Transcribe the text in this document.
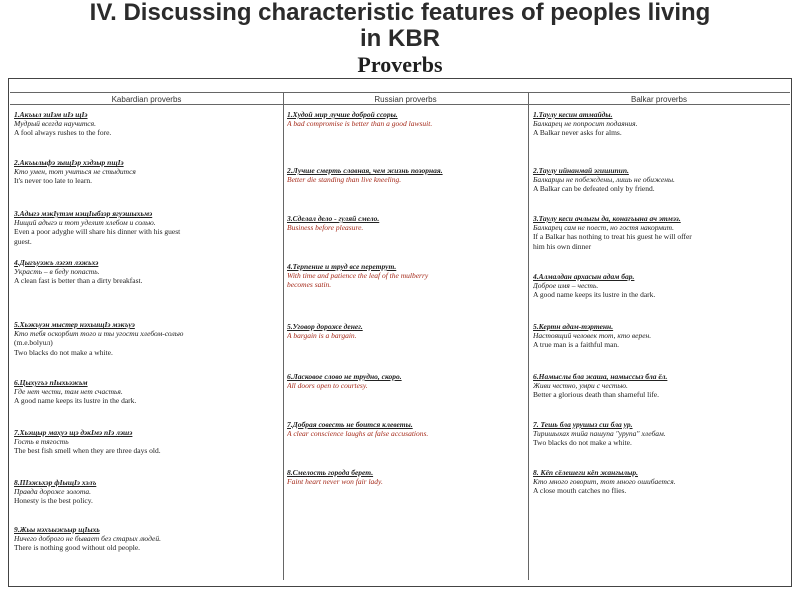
IV. Discussing characteristic features of peoples living
in KBR
Proverbs
Kabardian proverbs	Russian proverbs	Balkar proverbs
1.Акъыл зиIэм иIэ щIэ
Мудрый всегда научится.
A fool always rushes to the fore.
2.Акъылыфэ зыщIэр хэдзыр пщIэ
Кто умен, тот учиться не стыдится
It's never too late to learn.
3.Адыгэ мэкIутэм нэщIыбзэр ягуэшыхьмэ
Нищий адыгэ и тот уделит хлебом и солью.
Even a poor adyghe will share his dinner with his guest
guest.
4.Дыгъуэжь лэгэп лэжьхэ
Украсть – в беду попасть.
A clean fast is better than a dirty breakfast.
5.Хьэкъуэн мыстер нэхьищIэ мэкъуэ
Кто тебя оскорбит того и ты угости хлебом-солью
(m.e.bolyuл)
Two blacks do not make a white.
6.Цыхугъэ пIыхьэжьм
Где нет чести, там нет счастья.
A good name keeps its lustre in the dark.
7.Хьэщыр махуэ щэ дэкIмэ пIэ лэшэ
Гость в тягость
The best fish smell when they are three days old.
8.ПIэжьхэр фIыщIэ хэлъ
Правда дороже золота.
Honesty is the best policy.
9.Жьы нэхъыжьыр щIыхь
Ничего доброго не бывает без старых людей.
There is nothing good without old people.
1.Худой мир лучше доброй ссоры.
A bad compromise is better than a good lawsuit.
2.Лучше смерть славная, чем жизнь позорная.
Better die standing than live kneeling.
3.Сделал дело - гуляй смело.
Business before pleasure.
4.Терпение и труд все перетрут.
With time and patience the leaf of the mulberry
becomes satin.
5.Уговор дороже денег.
A bargain is a bargain.
6.Ласковое слово не трудно, скоро.
All doors open to courtesy.
7.Добрая совесть не боится клеветы.
A clear conscience laughs at false accusations.
8.Смелость города берет.
Faint heart never won fair lady.
1.Таулу кесин атмайды.
Балкарец не попросит подаяния.
A Balkar never asks for alms.
2.Таулу ийнанмай эгишипип.
Балкарцы не побеждены, лишь не обижены.
A Balkar can be defeated only by friend.
3.Таулу кеси ачлыгы да, конагъына ач этмэз.
Балкарец сам не поест, но гостя накормит.
If a Balkar has nothing to treat his guest he will offer
him his own dinner
4.Алмалдан архасын адам бар.
Доброе имя – честь.
A good name keeps its lustre in the dark.
5.Кертн адам-тэртенн.
Настоящий человек тот, кто верен.
A true man is a faithful man.
6.Намыслы бла жаша, намыссыз бла ёл.
Живи честно, умри с честью.
Better a glorious death than shameful life.
7. Тешь бла урушыз сш бла ур.
Тиришыхах тийа пашупа "урупа" хлебам.
Two blacks do not make a white.
8. Кёп сёлешеги кёп жангылыр.
Кто много говорит, тот много ошибается.
A close mouth catches no flies.
